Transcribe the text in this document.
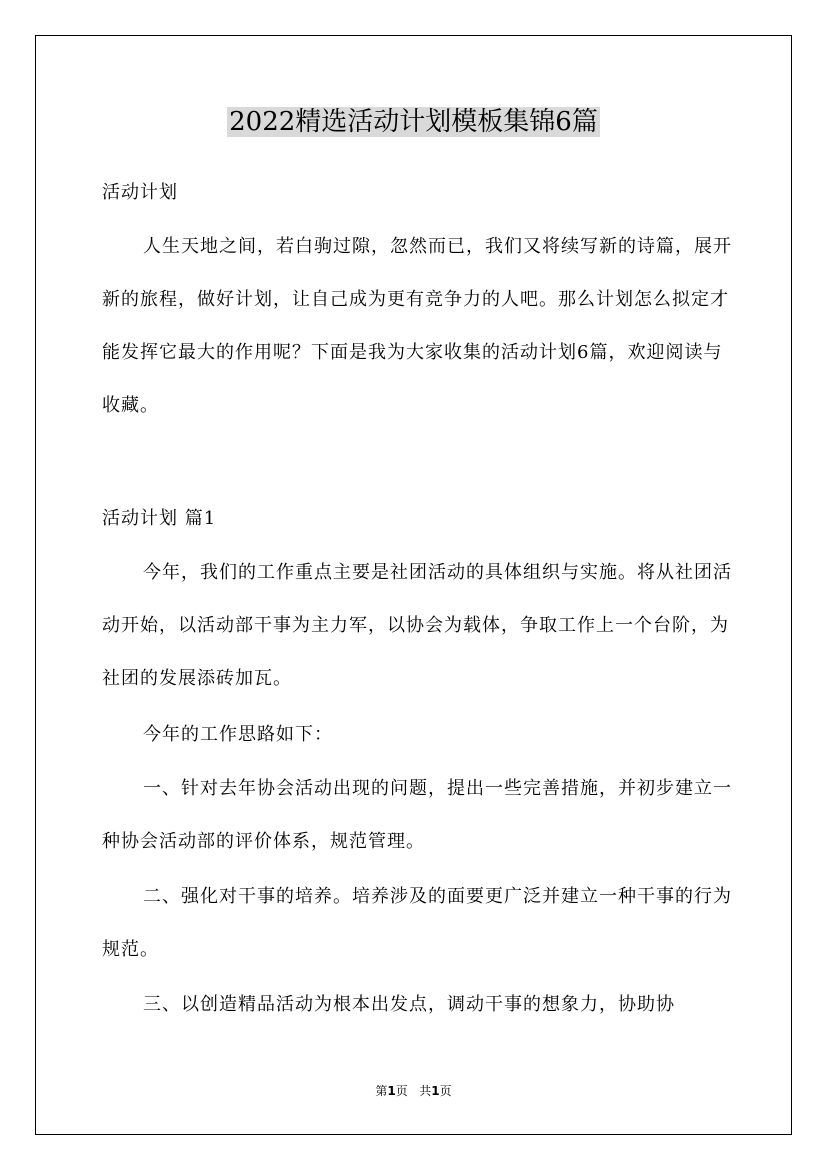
2022精选活动计划模板集锦6篇

活动计划

人生天地之间，若白驹过隙，忽然而已，我们又将续写新的诗篇，展开新的旅程，做好计划，让自己成为更有竞争力的人吧。那么计划怎么拟定才能发挥它最大的作用呢？下面是我为大家收集的活动计划6篇，欢迎阅读与收藏。

活动计划 篇1

今年，我们的工作重点主要是社团活动的具体组织与实施。将从社团活动开始，以活动部干事为主力军，以协会为载体，争取工作上一个台阶，为社团的发展添砖加瓦。

今年的工作思路如下：

一、针对去年协会活动出现的问题，提出一些完善措施，并初步建立一种协会活动部的评价体系，规范管理。

二、强化对干事的培养。培养涉及的面要更广泛并建立一种干事的行为规范。

三、以创造精品活动为根本出发点，调动干事的想象力，协助协

第1页 共1页
